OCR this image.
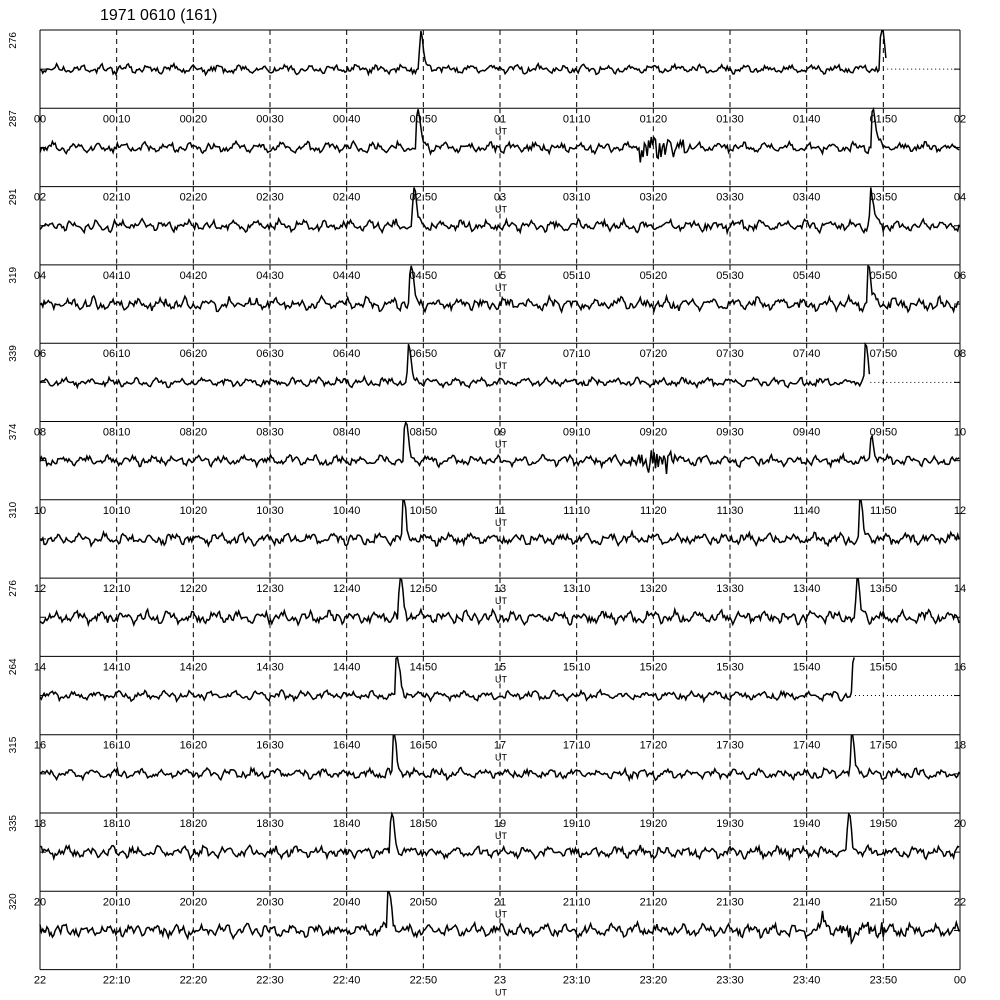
1971 0610 (161)
00	00:10	00:20	00:30	00:40	00:50	01	01:10	01:20	01:30	01:40	01:50	02
UT
276
02	02:10	02:20	02:30	02:40	02:50	03	03:10	03:20	03:30	03:40	03:50	04
UT
287
04	04:10	04:20	04:30	04:40	04:50	05	05:10	05:20	05:30	05:40	05:50	06
UT
291
06	06:10	06:20	06:30	06:40	06:50	07	07:10	07:20	07:30	07:40	07:50	08
UT
319
08	08:10	08:20	08:30	08:40	08:50	09	09:10	09:20	09:30	09:40	09:50	10
UT
339
10	10:10	10:20	10:30	10:40	10:50	11	11:10	11:20	11:30	11:40	11:50	12
UT
374
12	12:10	12:20	12:30	12:40	12:50	13	13:10	13:20	13:30	13:40	13:50	14
UT
310
14	14:10	14:20	14:30	14:40	14:50	15	15:10	15:20	15:30	15:40	15:50	16
UT
276
16	16:10	16:20	16:30	16:40	16:50	17	17:10	17:20	17:30	17:40	17:50	18
UT
264
18	18:10	18:20	18:30	18:40	18:50	19	19:10	19:20	19:30	19:40	19:50	20
UT
315
20	20:10	20:20	20:30	20:40	20:50	21	21:10	21:20	21:30	21:40	21:50	22
UT
335
22	22:10	22:20	22:30	22:40	22:50	23	23:10	23:20	23:30	23:40	23:50	00
UT
320
